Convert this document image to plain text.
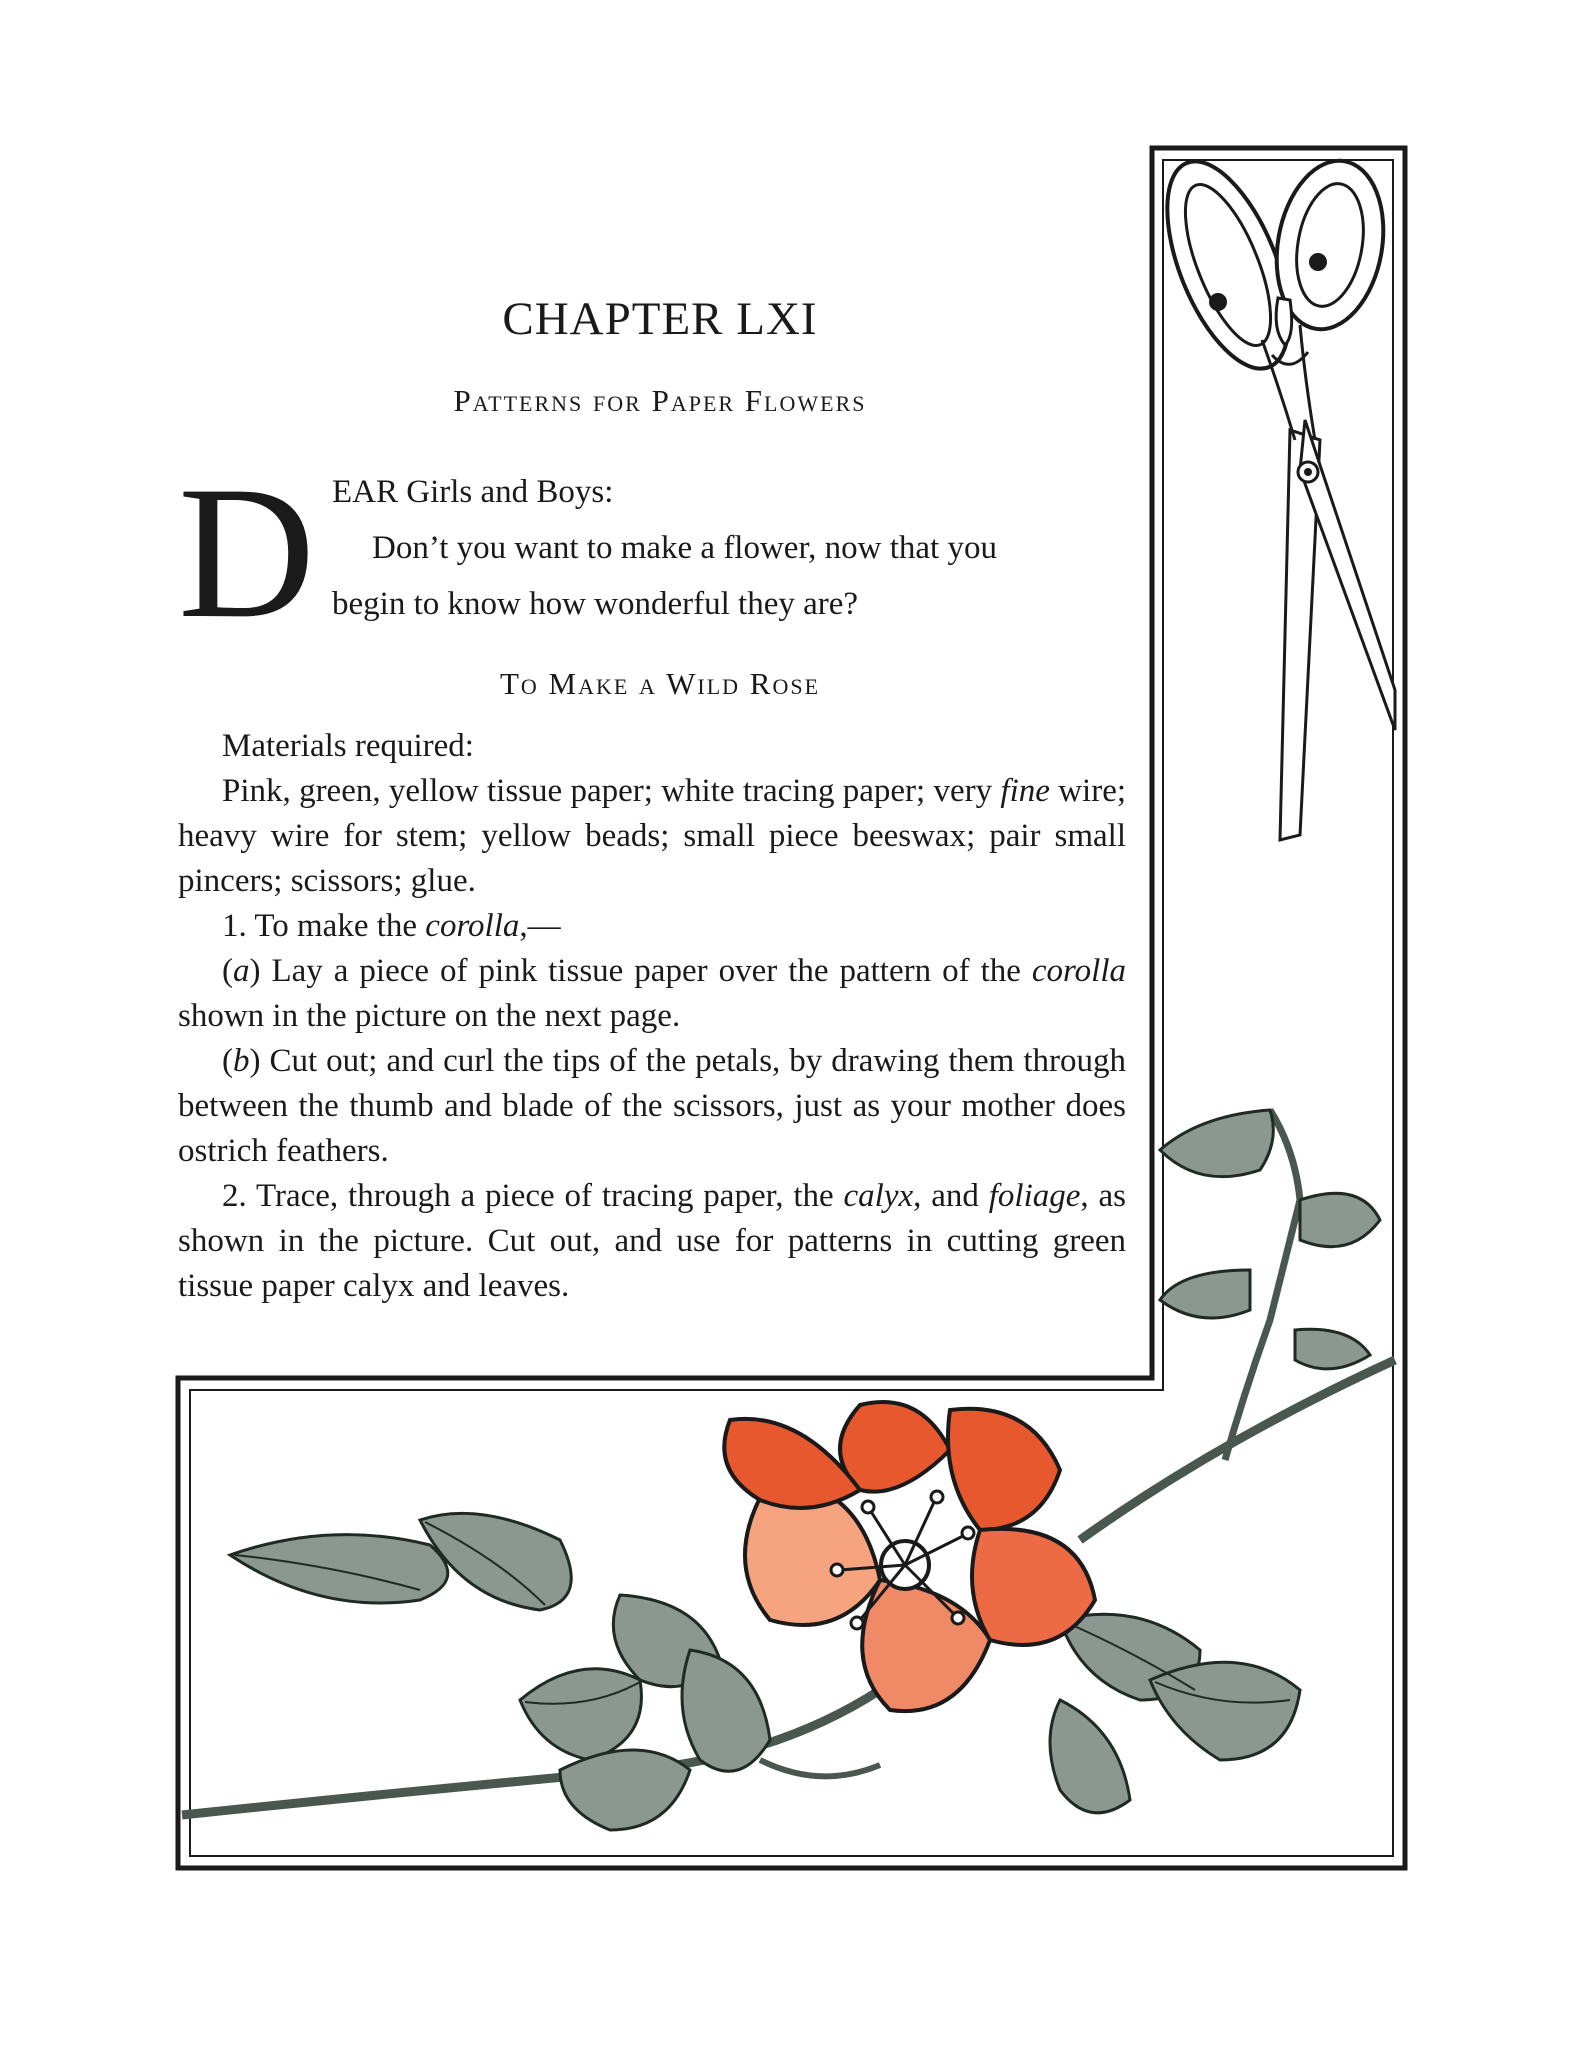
CHAPTER LXI
Patterns for Paper Flowers
D EAR Girls and Boys:
Don’t you want to make a flower, now that you
begin to know how wonderful they are?
To Make a Wild Rose

Materials required:

Pink, green, yellow tissue paper; white tracing paper; very fine wire; heavy wire for stem; yellow beads; small piece beeswax; pair small pincers; scissors; glue.

1. To make the corolla,—

(a) Lay a piece of pink tissue paper over the pattern of the corolla shown in the picture on the next page.

(b) Cut out; and curl the tips of the petals, by drawing them through between the thumb and blade of the scissors, just as your mother does ostrich feathers.

2. Trace, through a piece of tracing paper, the calyx, and foliage, as shown in the picture. Cut out, and use for patterns in cutting green tissue paper calyx and leaves.
